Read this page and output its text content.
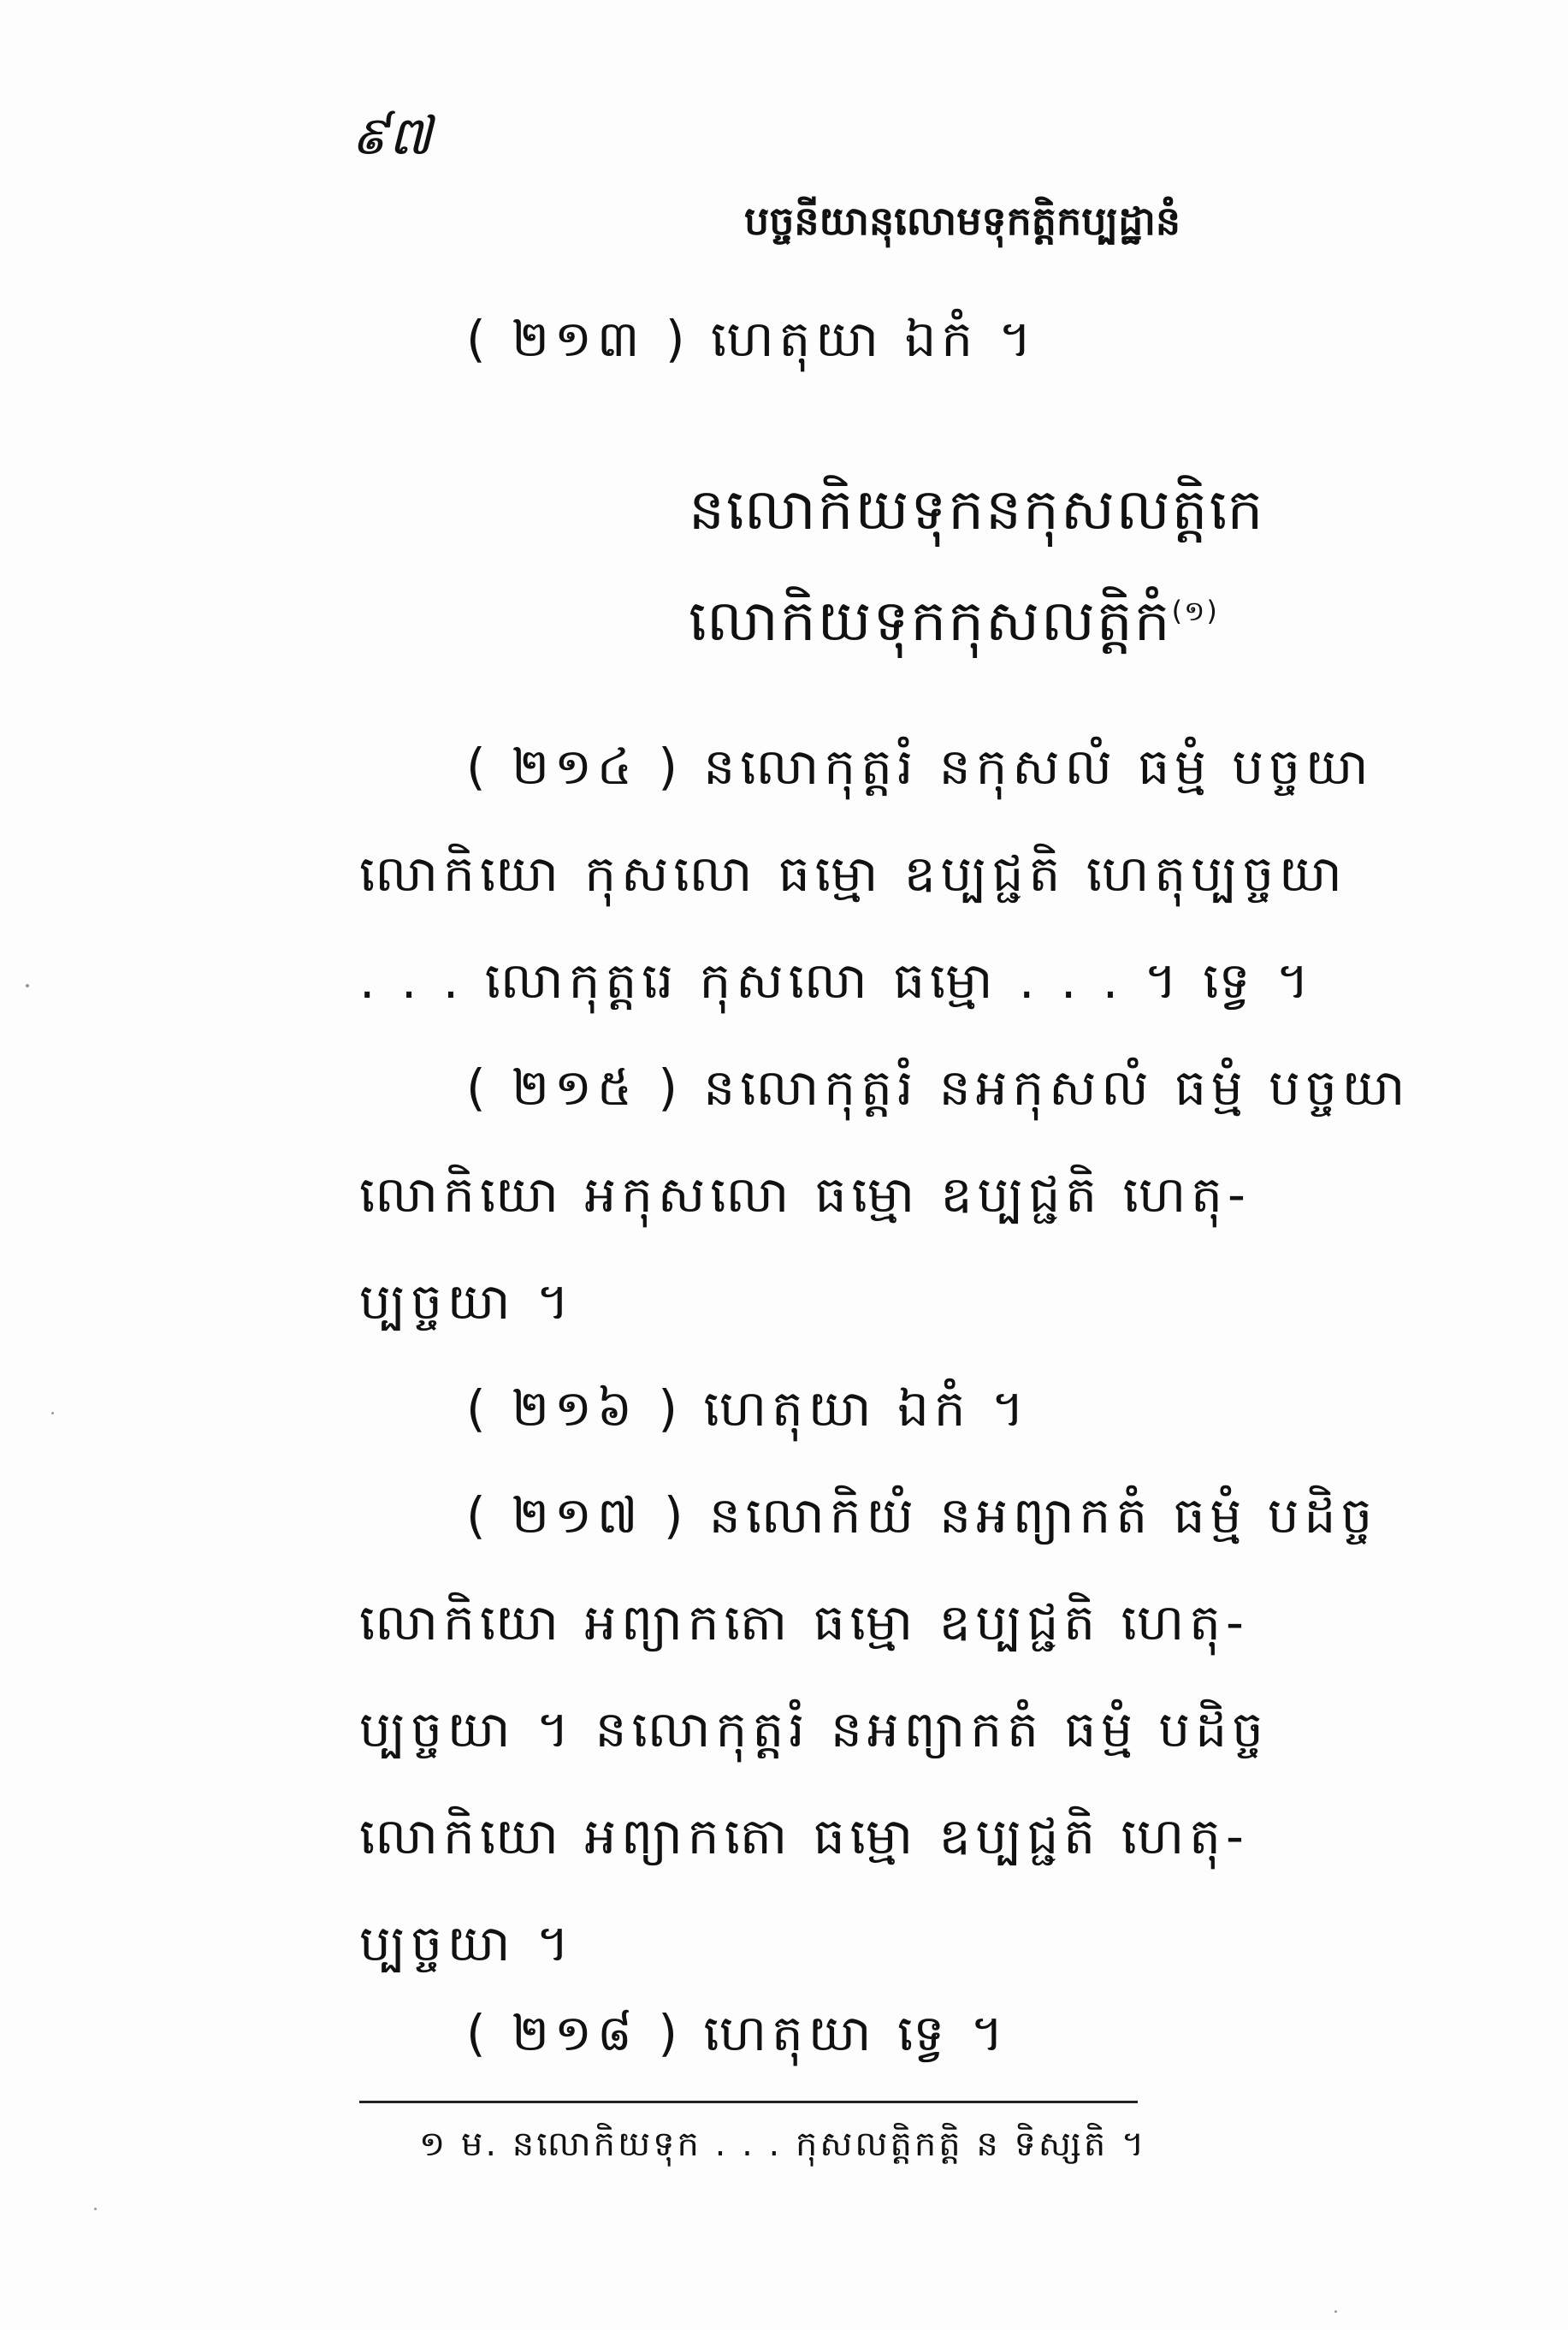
៩៧
បច្ចនីយានុលោមទុកត្តិកប្បដ្ឋានំ
( ២១៣ ) ហេតុយា ឯកំ ។
នលោកិយទុកនកុសលត្តិកេ
លោកិយទុកកុសលត្តិកំ$^{(១)}$
( ២១៤ ) នលោកុត្តរំ នកុសលំ ធម្មំ បច្ចយា
លោកិយោ កុសលោ ធម្មោ ឧប្បជ្ជតិ ហេតុប្បច្ចយា
. . . លោកុត្តរេ កុសលោ ធម្មោ . . . ។ ទ្វេ ។
( ២១៥ ) នលោកុត្តរំ នអកុសលំ ធម្មំ បច្ចយា
លោកិយោ អកុសលោ ធម្មោ ឧប្បជ្ជតិ ហេតុ-
ប្បច្ចយា ។
( ២១៦ ) ហេតុយា ឯកំ ។
( ២១៧ ) នលោកិយំ នអព្យាកតំ ធម្មំ បដិច្ច
លោកិយោ អព្យាកតោ ធម្មោ ឧប្បជ្ជតិ ហេតុ-
ប្បច្ចយា ។ នលោកុត្តរំ នអព្យាកតំ ធម្មំ បដិច្ច
លោកិយោ អព្យាកតោ ធម្មោ ឧប្បជ្ជតិ ហេតុ-
ប្បច្ចយា ។
( ២១៨ ) ហេតុយា ទ្វេ ។
១ ម. នលោកិយទុក . . . កុសលត្តិកត្តិ ន ទិស្សតិ ។
